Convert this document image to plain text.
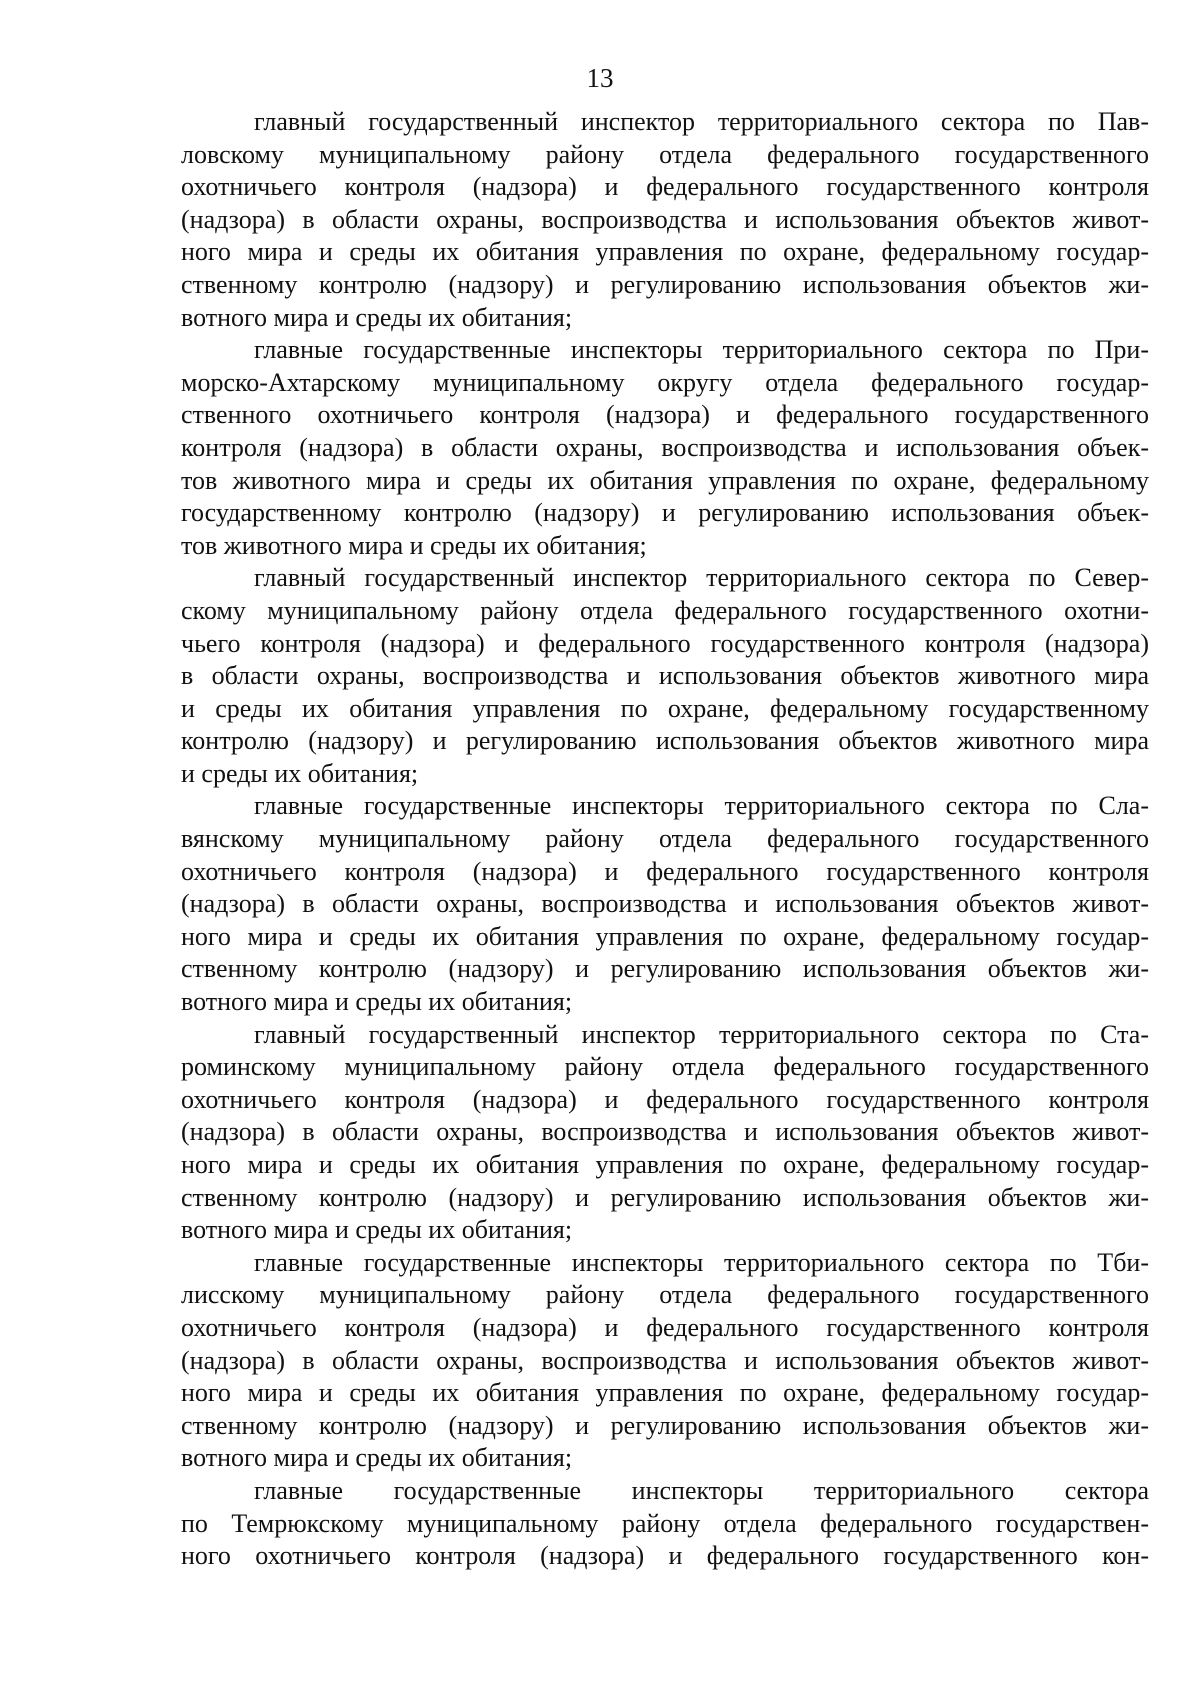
13

главный государственный инспектор территориального сектора по Пав-
ловскому муниципальному району отдела федерального государственного
охотничьего контроля (надзора) и федерального государственного контроля
(надзора) в области охраны, воспроизводства и использования объектов живот-
ного мира и среды их обитания управления по охране, федеральному государ-
ственному контролю (надзору) и регулированию использования объектов жи-
вотного мира и среды их обитания;

главные государственные инспекторы территориального сектора по При-
морско-Ахтарскому муниципальному округу отдела федерального государ-
ственного охотничьего контроля (надзора) и федерального государственного
контроля (надзора) в области охраны, воспроизводства и использования объек-
тов животного мира и среды их обитания управления по охране, федеральному
государственному контролю (надзору) и регулированию использования объек-
тов животного мира и среды их обитания;

главный государственный инспектор территориального сектора по Север-
скому муниципальному району отдела федерального государственного охотни-
чьего контроля (надзора) и федерального государственного контроля (надзора)
в области охраны, воспроизводства и использования объектов животного мира
и среды их обитания управления по охране, федеральному государственному
контролю (надзору) и регулированию использования объектов животного мира
и среды их обитания;

главные государственные инспекторы территориального сектора по Сла-
вянскому муниципальному району отдела федерального государственного
охотничьего контроля (надзора) и федерального государственного контроля
(надзора) в области охраны, воспроизводства и использования объектов живот-
ного мира и среды их обитания управления по охране, федеральному государ-
ственному контролю (надзору) и регулированию использования объектов жи-
вотного мира и среды их обитания;

главный государственный инспектор территориального сектора по Ста-
роминскому муниципальному району отдела федерального государственного
охотничьего контроля (надзора) и федерального государственного контроля
(надзора) в области охраны, воспроизводства и использования объектов живот-
ного мира и среды их обитания управления по охране, федеральному государ-
ственному контролю (надзору) и регулированию использования объектов жи-
вотного мира и среды их обитания;

главные государственные инспекторы территориального сектора по Тби-
лисскому муниципальному району отдела федерального государственного
охотничьего контроля (надзора) и федерального государственного контроля
(надзора) в области охраны, воспроизводства и использования объектов живот-
ного мира и среды их обитания управления по охране, федеральному государ-
ственному контролю (надзору) и регулированию использования объектов жи-
вотного мира и среды их обитания;

главные государственные инспекторы территориального сектора
по Темрюкскому муниципальному району отдела федерального государствен-
ного охотничьего контроля (надзора) и федерального государственного кон-
